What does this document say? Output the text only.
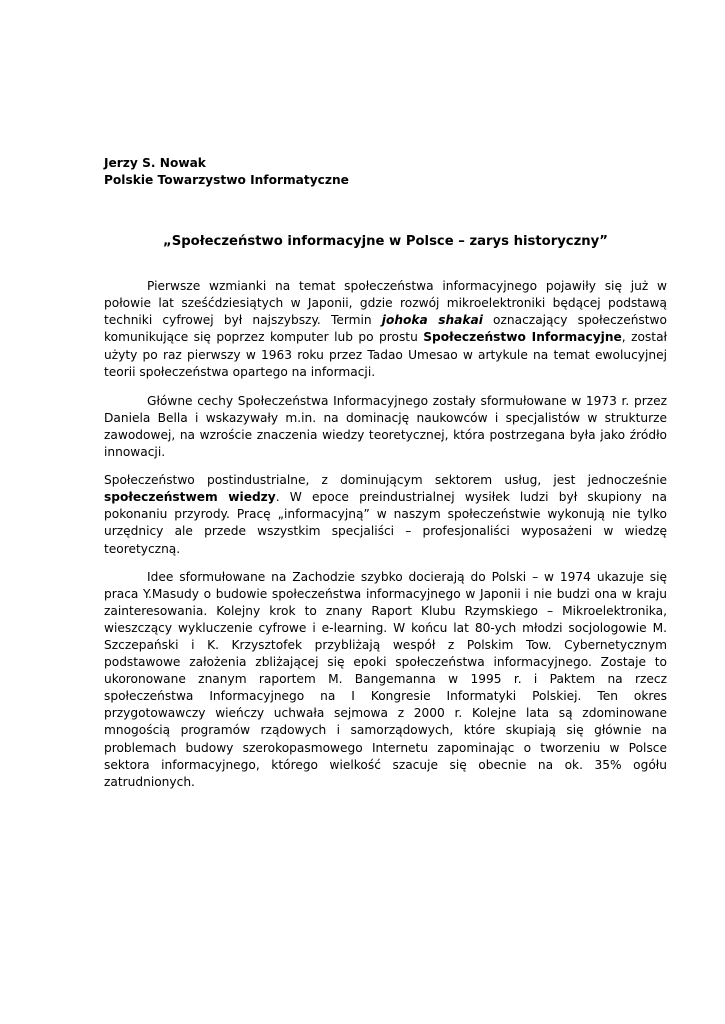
Jerzy S. Nowak

Polskie Towarzystwo Informatyczne

„Społeczeństwo informacyjne w Polsce – zarys historyczny”

Pierwsze wzmianki na temat społeczeństwa informacyjnego pojawiły się już w połowie lat sześćdziesiątych w Japonii, gdzie rozwój mikroelektroniki będącej podstawą techniki cyfrowej był najszybszy. Termin johoka shakai oznaczający społeczeństwo komunikujące się poprzez komputer lub po prostu Społeczeństwo Informacyjne, został użyty po raz pierwszy w 1963 roku przez Tadao Umesao w artykule na temat ewolucyjnej teorii społeczeństwa opartego na informacji.

Główne cechy Społeczeństwa Informacyjnego zostały sformułowane w 1973 r. przez Daniela Bella i wskazywały m.in. na dominację naukowców i specjalistów w strukturze zawodowej, na wzroście znaczenia wiedzy teoretycznej, która postrzegana była jako źródło innowacji.

Społeczeństwo postindustrialne, z dominującym sektorem usług, jest jednocześnie społeczeństwem wiedzy. W epoce preindustrialnej wysiłek ludzi był skupiony na pokonaniu przyrody. Pracę „informacyjną” w naszym społeczeństwie wykonują nie tylko urzędnicy ale przede wszystkim specjaliści – profesjonaliści wyposażeni w wiedzę teoretyczną.

Idee sformułowane na Zachodzie szybko docierają do Polski – w 1974 ukazuje się praca Y.Masudy o budowie społeczeństwa informacyjnego w Japonii i nie budzi ona w kraju zainteresowania. Kolejny krok to znany Raport Klubu Rzymskiego – Mikroelektronika, wieszczący wykluczenie cyfrowe i e-learning. W końcu lat 80-ych młodzi socjologowie M. Szczepański i K. Krzysztofek przybliżają wespół z Polskim Tow. Cybernetycznym podstawowe założenia zbliżającej się epoki społeczeństwa informacyjnego. Zostaje to ukoronowane znanym raportem M. Bangemanna w 1995 r. i Paktem na rzecz społeczeństwa Informacyjnego na I Kongresie Informatyki Polskiej. Ten okres przygotowawczy wieńczy uchwała sejmowa z 2000 r. Kolejne lata są zdominowane mnogością programów rządowych i samorządowych, które skupiają się głównie na problemach budowy szerokopasmowego Internetu zapominając o tworzeniu w Polsce sektora informacyjnego, którego wielkość szacuje się obecnie na ok. 35% ogółu zatrudnionych.
